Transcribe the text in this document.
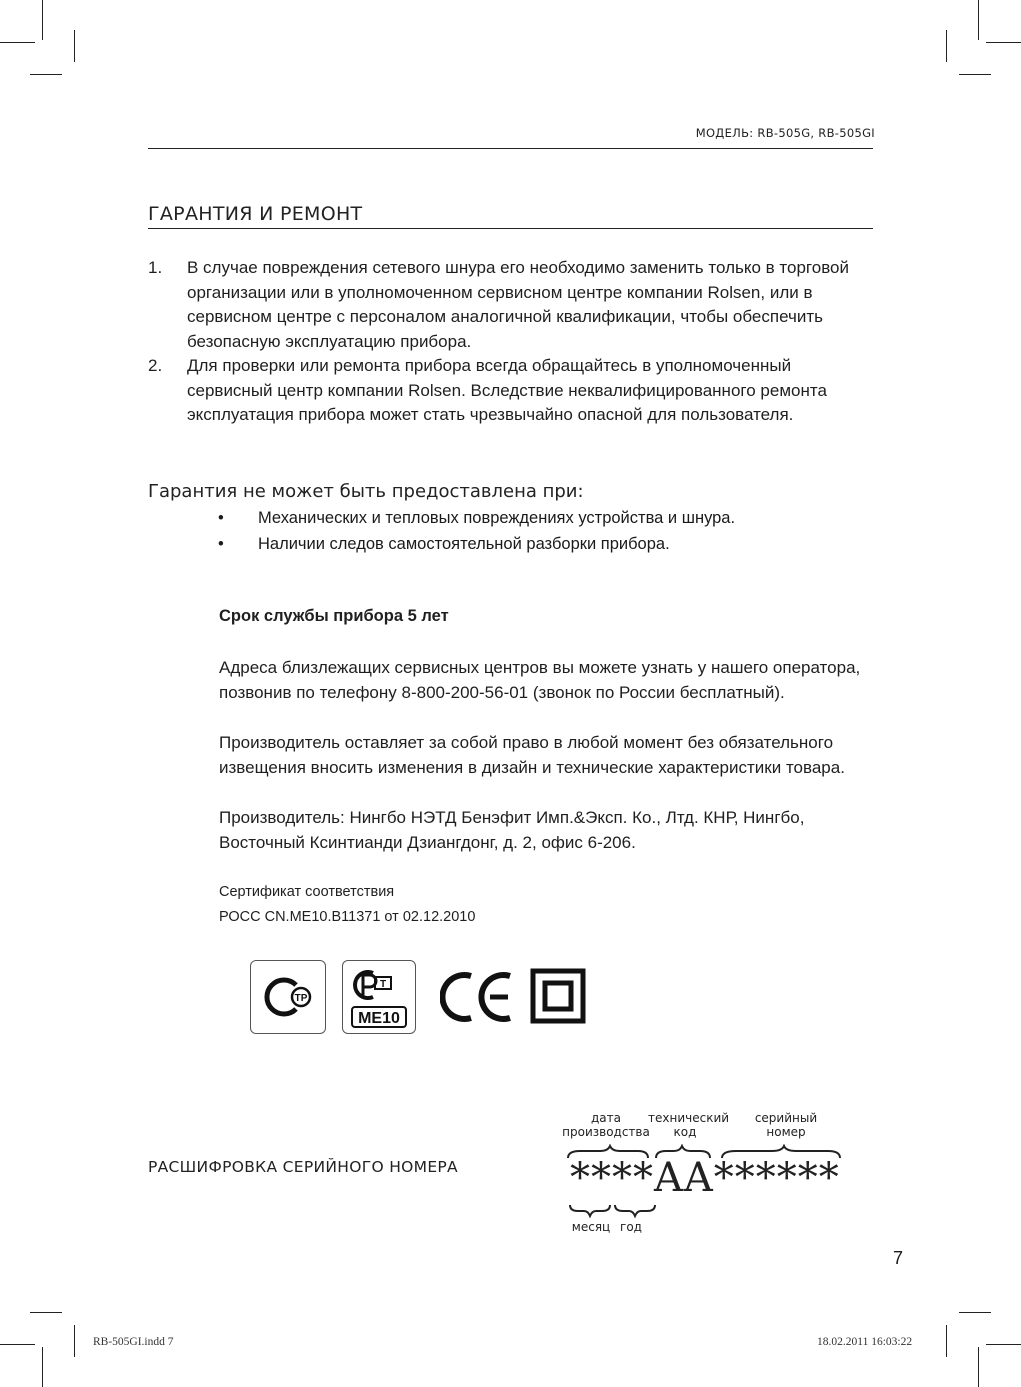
МОДЕЛЬ: RB-505G, RB-505GI
ГАРАНТИЯ И РЕМОНТ
1. В случае повреждения сетевого шнура его необходимо заменить только в торговой организации или в уполномоченном сервисном центре компании Rolsen, или в сервисном центре с персоналом аналогичной квалификации, чтобы обеспечить безопасную эксплуатацию прибора.
2. Для проверки или ремонта прибора всегда обращайтесь в уполномоченный сервисный центр компании Rolsen. Вследствие неквалифицированного ремонта эксплуатация прибора может стать чрезвычайно опасной для пользователя.
Гарантия не может быть предоставлена при:
• Механических и тепловых повреждениях устройства и шнура.
• Наличии следов самостоятельной разборки прибора.
Срок службы прибора 5 лет
Адреса близлежащих сервисных центров вы можете узнать у нашего оператора, позвонив по телефону 8-800-200-56-01 (звонок по России бесплатный).
Производитель оставляет за собой право в любой момент без обязательного извещения вносить изменения в дизайн и технические характеристики товара.
Производитель: Нингбо НЭТД Бенэфит Имп.&Эксп. Ко., Лтд. КНР, Нингбо, Восточный Ксинтианди Дзиангдонг, д. 2, офис 6-206.
Сертификат соответствия
РОСС CN.ME10.B11371 от 02.12.2010
ТР
Т
ME10
РАСШИФРОВКА СЕРИЙНОГО НОМЕРА
дата производства
технический код
серийный номер
****AA******
месяц год
7
RB-505GI.indd 7	18.02.2011 16:03:22
